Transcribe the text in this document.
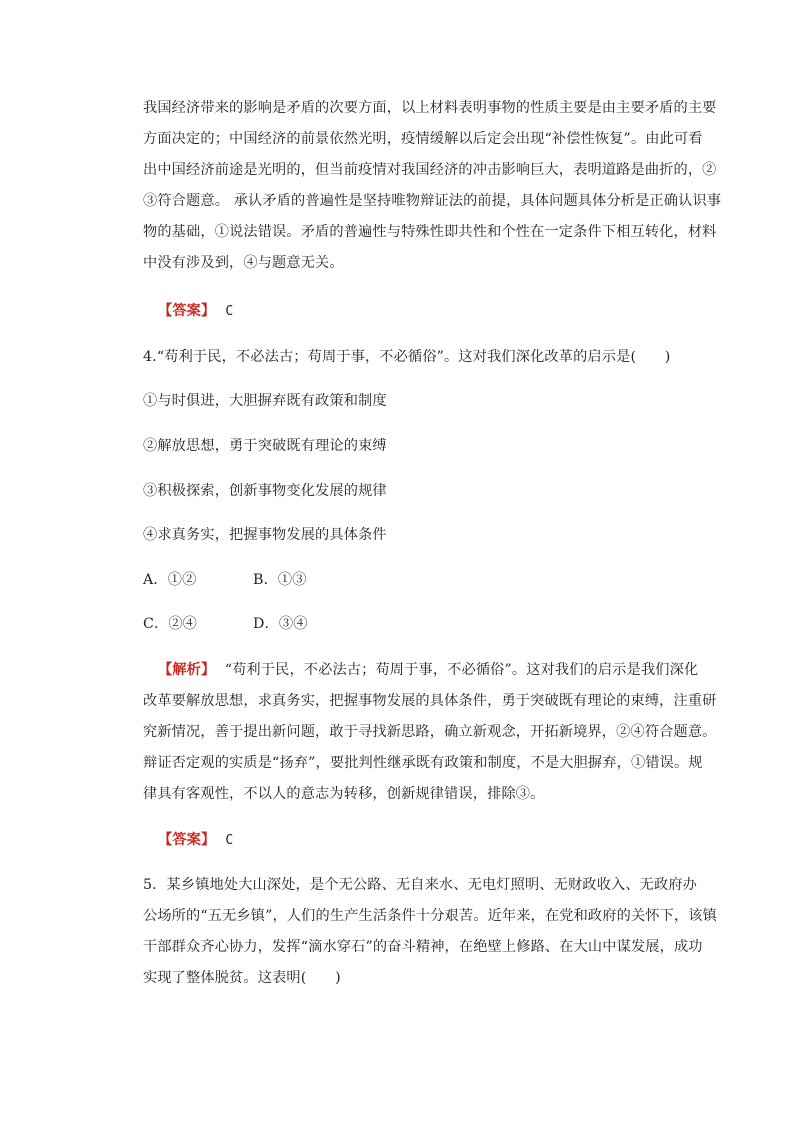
我国经济带来的影响是矛盾的次要方面，以上材料表明事物的性质主要是由主要矛盾的主要

方面决定的；中国经济的前景依然光明，疫情缓解以后定会出现“补偿性恢复”。由此可看

出中国经济前途是光明的，但当前疫情对我国经济的冲击影响巨大，表明道路是曲折的，②

③符合题意。 承认矛盾的普遍性是坚持唯物辩证法的前提，具体问题具体分析是正确认识事

物的基础，①说法错误。矛盾的普遍性与特殊性即共性和个性在一定条件下相互转化，材料

中没有涉及到，④与题意无关。

【答案】 C

4.“苟利于民，不必法古；苟周于事，不必循俗”。这对我们深化改革的启示是(　　)

①与时俱进，大胆摒弃既有政策和制度

②解放思想，勇于突破既有理论的束缚

③积极探索，创新事物变化发展的规律

④求真务实，把握事物发展的具体条件

A．①②	B．①③

C．②④	D．③④

【解析】 “苟利于民，不必法古；苟周于事，不必循俗”。这对我们的启示是我们深化

改革要解放思想，求真务实，把握事物发展的具体条件，勇于突破既有理论的束缚，注重研

究新情况，善于提出新问题，敢于寻找新思路，确立新观念，开拓新境界，②④符合题意。

辩证否定观的实质是“扬弃”，要批判性继承既有政策和制度，不是大胆摒弃，①错误。规

律具有客观性，不以人的意志为转移，创新规律错误，排除③。

【答案】 C

5．某乡镇地处大山深处，是个无公路、无自来水、无电灯照明、无财政收入、无政府办

公场所的“五无乡镇”，人们的生产生活条件十分艰苦。近年来，在党和政府的关怀下，该镇

干部群众齐心协力，发挥“滴水穿石”的奋斗精神，在绝壁上修路、在大山中谋发展，成功

实现了整体脱贫。这表明(　　)
